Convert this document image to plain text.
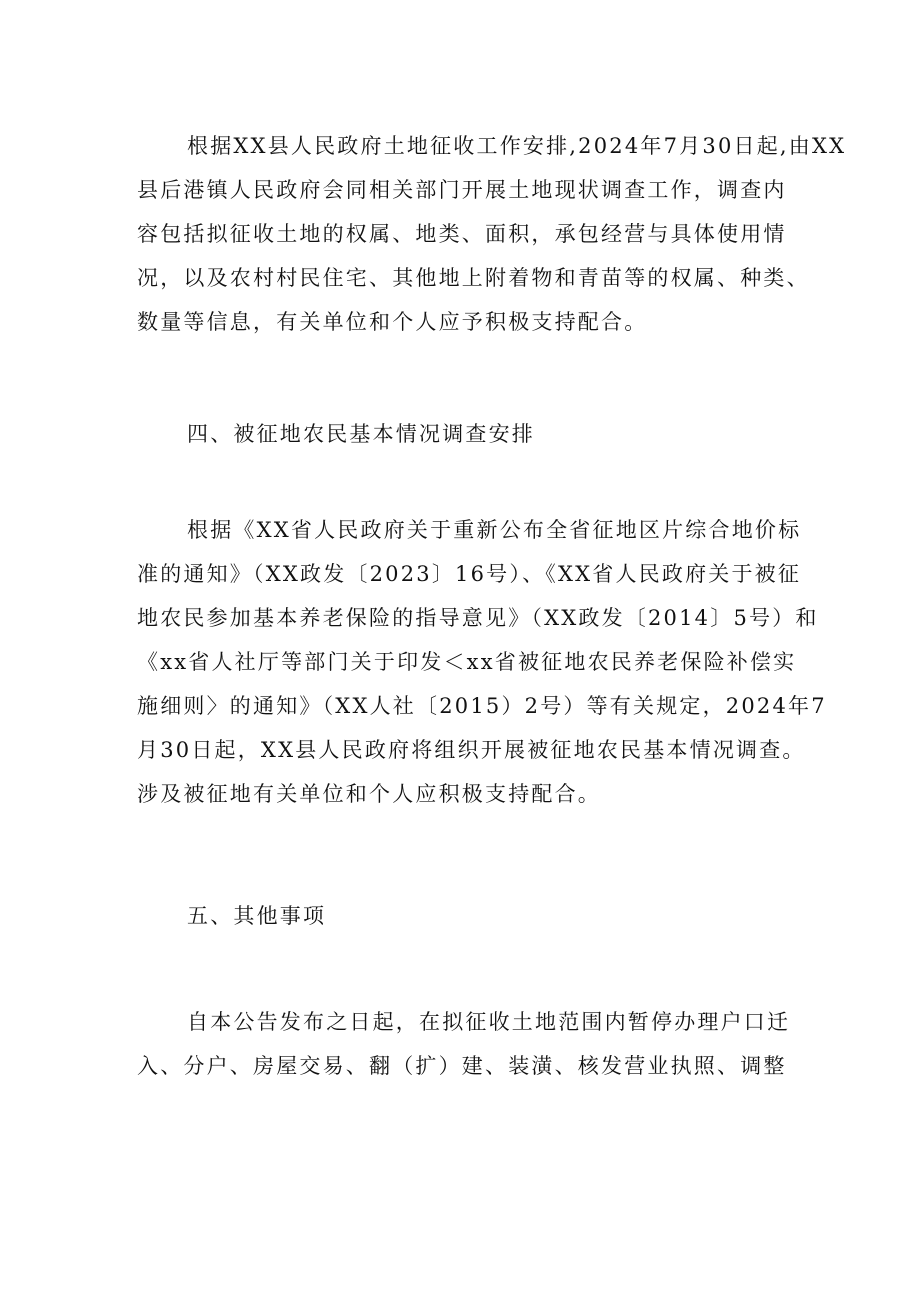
根据XX县人民政府土地征收工作安排,2024年7月30日起,由XX
县后港镇人民政府会同相关部门开展土地现状调查工作，调查内
容包括拟征收土地的权属、地类、面积，承包经营与具体使用情
况，以及农村村民住宅、其他地上附着物和青苗等的权属、种类、
数量等信息，有关单位和个人应予积极支持配合。
四、被征地农民基本情况调查安排
根据《XX省人民政府关于重新公布全省征地区片综合地价标
准的通知》（XX政发〔2023〕16号）、《XX省人民政府关于被征
地农民参加基本养老保险的指导意见》（XX政发〔2014〕5号）和
《xx省人社厅等部门关于印发＜xx省被征地农民养老保险补偿实
施细则〉的通知》（XX人社〔2015）2号）等有关规定，2024年7
月30日起，XX县人民政府将组织开展被征地农民基本情况调查。
涉及被征地有关单位和个人应积极支持配合。
五、其他事项
自本公告发布之日起，在拟征收土地范围内暂停办理户口迁
入、分户、房屋交易、翻（扩）建、装潢、核发营业执照、调整
